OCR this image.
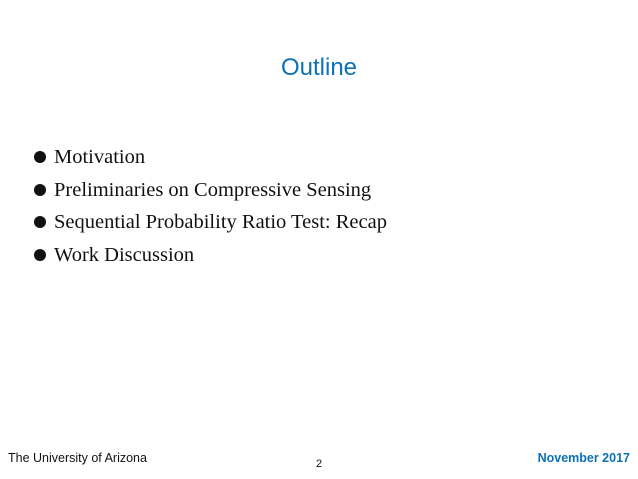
Outline
Motivation
Preliminaries on Compressive Sensing
Sequential Probability Ratio Test: Recap
Work Discussion
The University of Arizona	2	November 2017
